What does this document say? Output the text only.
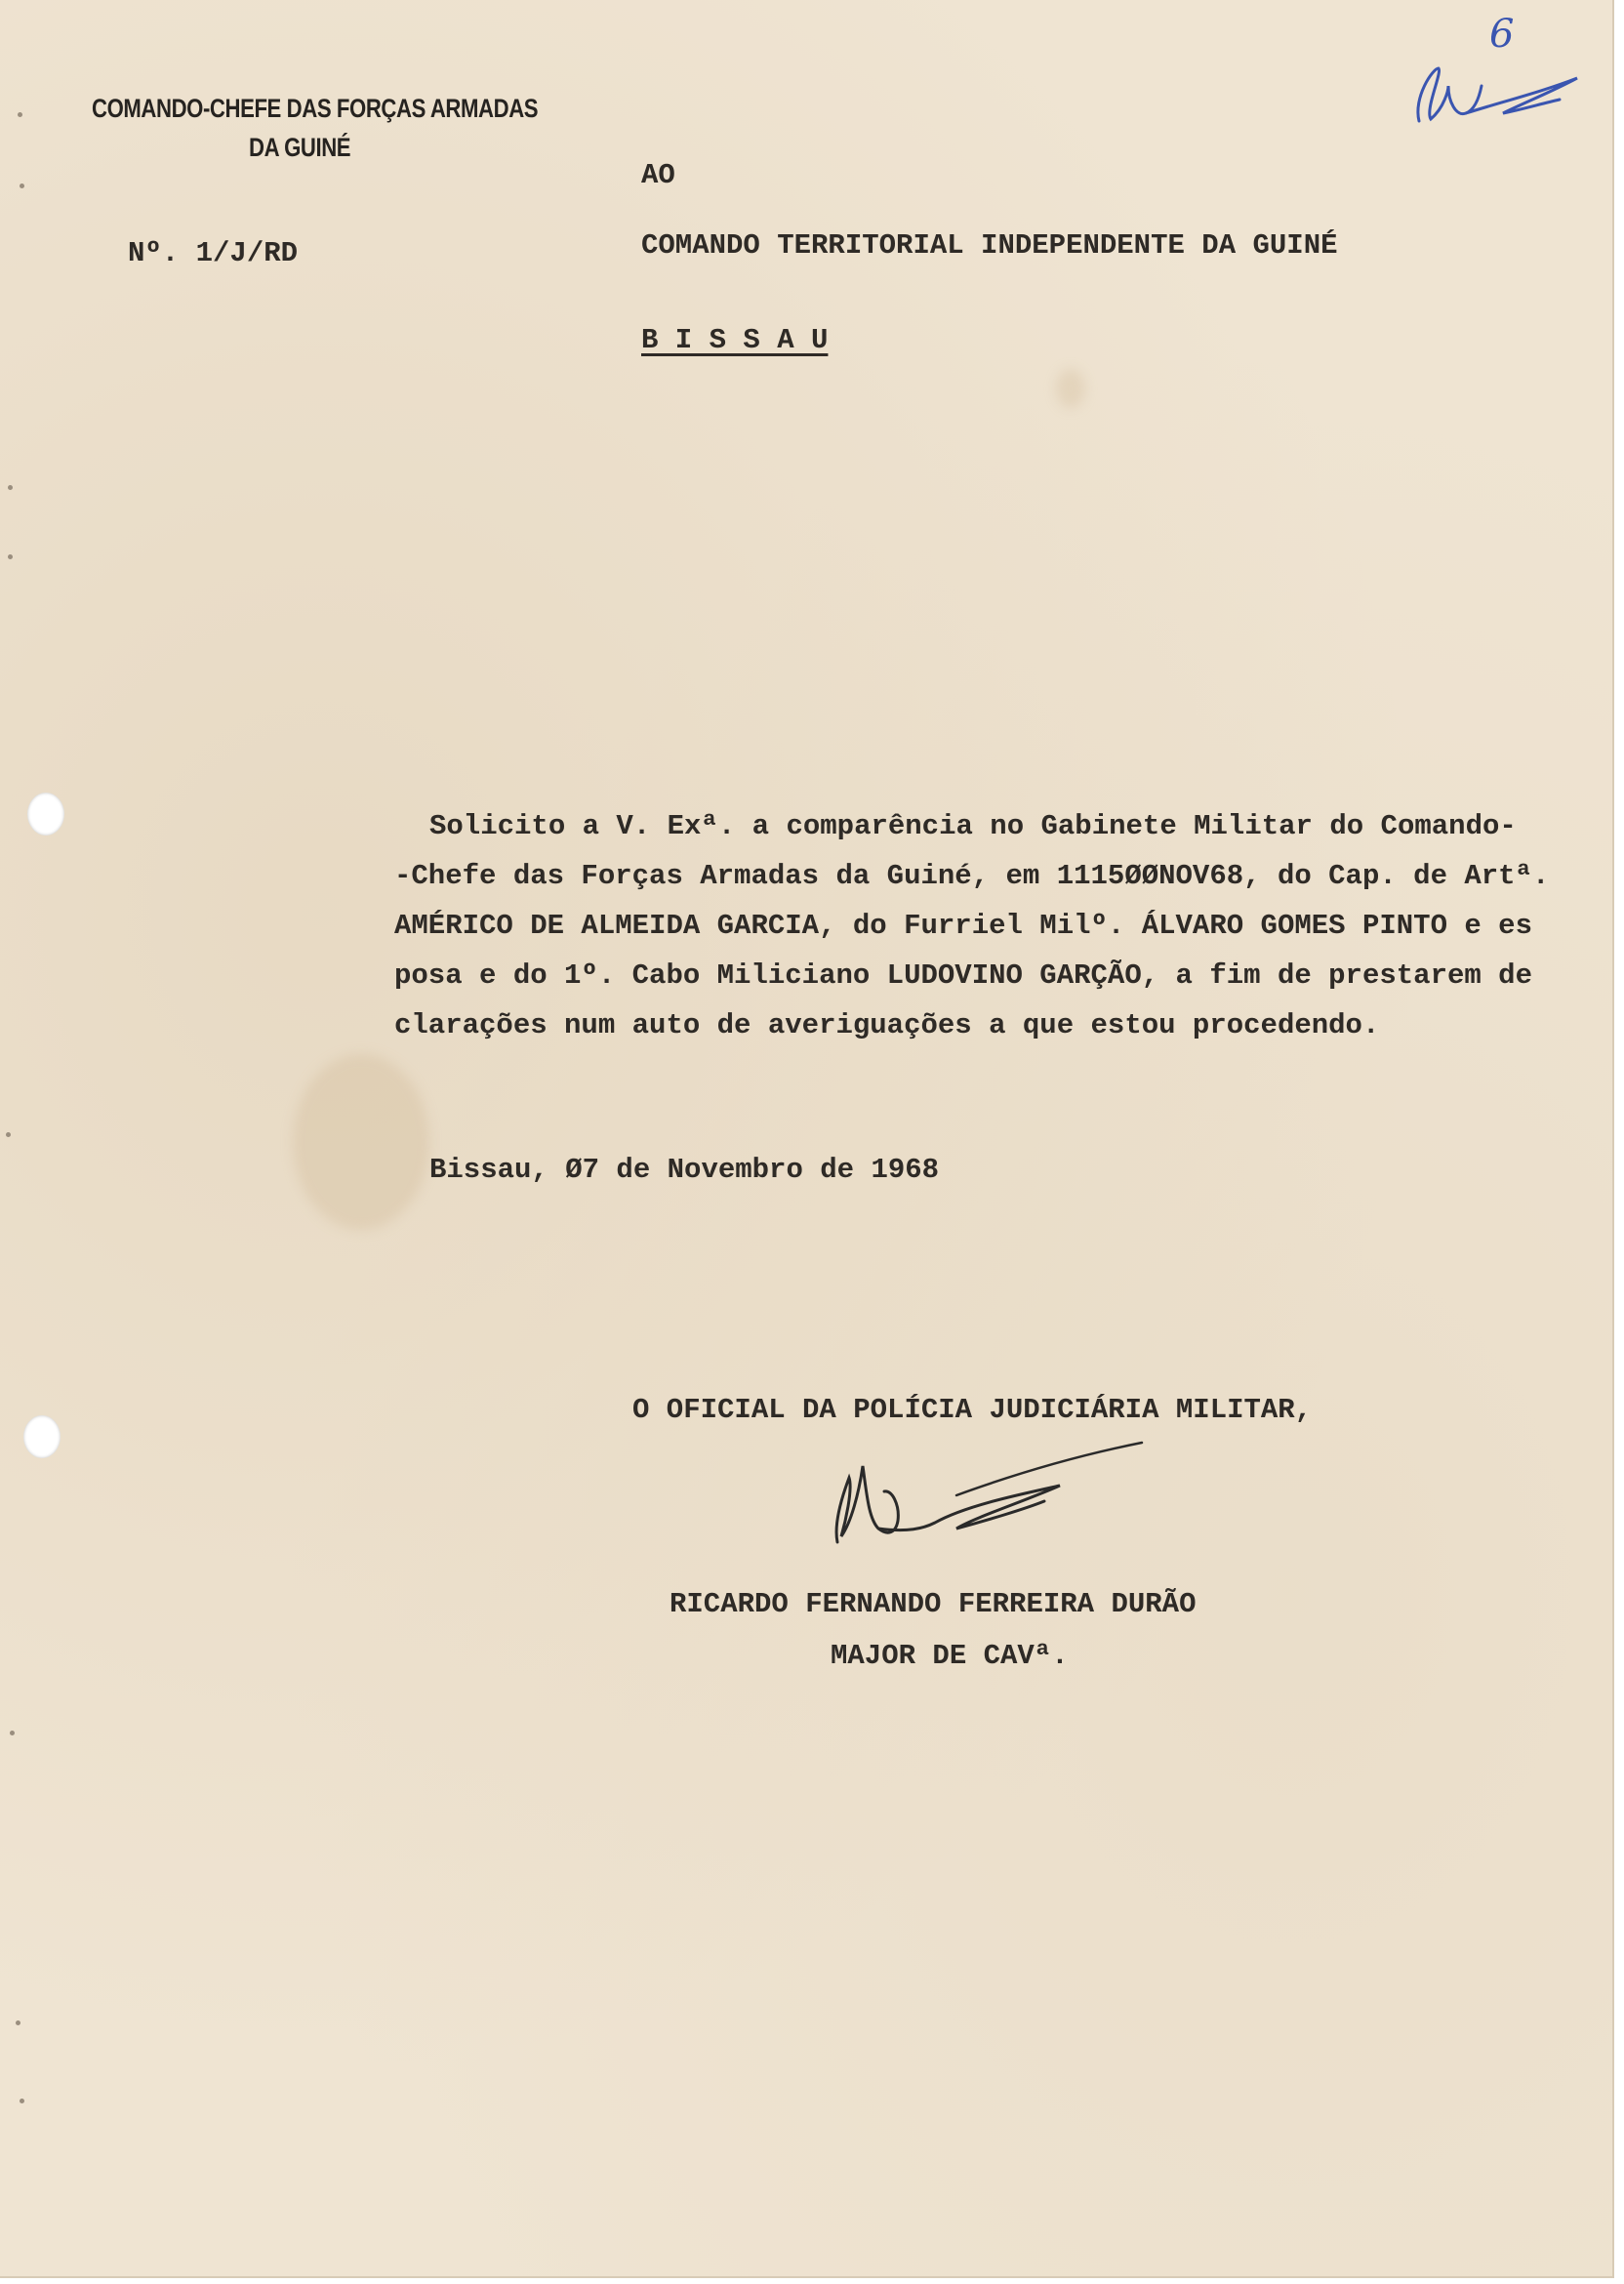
COMANDO-CHEFE DAS FORÇAS ARMADAS
DA GUINÉ
Nº. 1/J/RD
AO
COMANDO TERRITORIAL INDEPENDENTE DA GUINÉ
B I S S A U
6
Solicito a V. Exª. a comparência no Gabinete Militar do Comando-
-Chefe das Forças Armadas da Guiné, em 1115ØØNOV68, do Cap. de Artª.
AMÉRICO DE ALMEIDA GARCIA, do Furriel Milº. ÁLVARO GOMES PINTO e es
posa e do 1º. Cabo Miliciano LUDOVINO GARÇÃO, a fim de prestarem de
clarações num auto de averiguações a que estou procedendo.
Bissau, Ø7 de Novembro de 1968
O OFICIAL DA POLÍCIA JUDICIÁRIA MILITAR,
RICARDO FERNANDO FERREIRA DURÃO
MAJOR DE CAVª.
